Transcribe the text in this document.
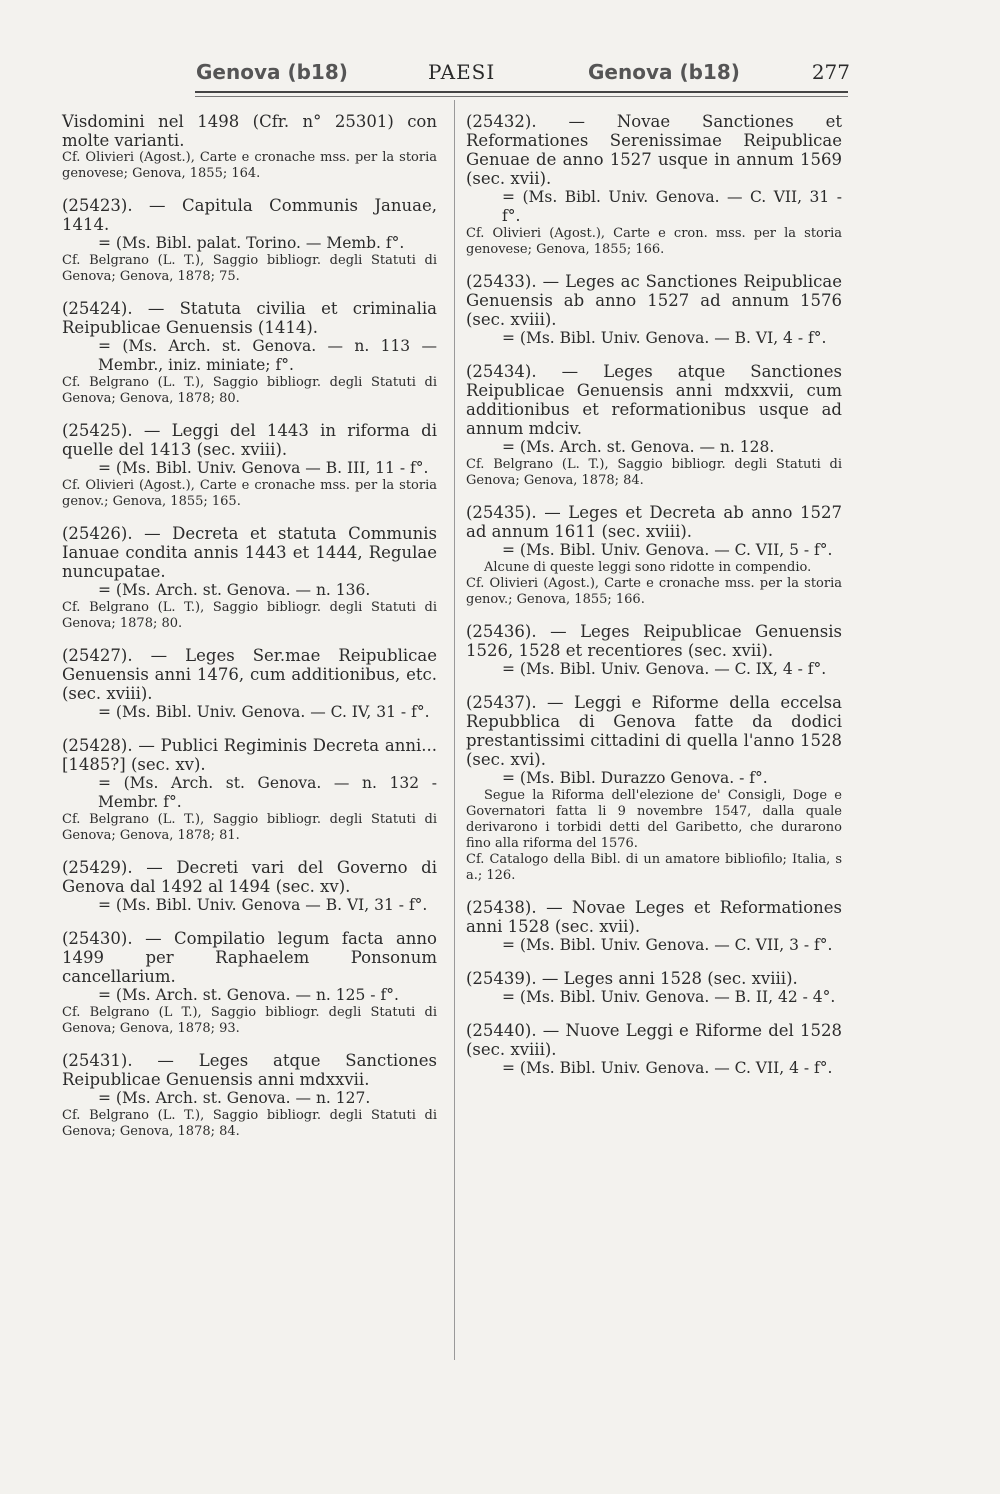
Genova (b18)	PAESI	Genova (b18)	277

Visdomini nel 1498 (Cfr. n° 25301) con molte varianti.

Cf. Olivieri (Agost.), Carte e cronache mss. per la storia genovese; Genova, 1855; 164.

(25423). — Capitula Communis Januae, 1414.

= (Ms. Bibl. palat. Torino. — Memb. f°.

Cf. Belgrano (L. T.), Saggio bibliogr. degli Statuti di Genova; Genova, 1878; 75.

(25424). — Statuta civilia et criminalia Reipublicae Genuensis (1414).

= (Ms. Arch. st. Genova. — n. 113 — Membr., iniz. miniate; f°.

Cf. Belgrano (L. T.), Saggio bibliogr. degli Statuti di Genova; Genova, 1878; 80.

(25425). — Leggi del 1443 in riforma di quelle del 1413 (sec. xviii).

= (Ms. Bibl. Univ. Genova — B. III, 11 - f°.

Cf. Olivieri (Agost.), Carte e cronache mss. per la storia genov.; Genova, 1855; 165.

(25426). — Decreta et statuta Communis Ianuae condita annis 1443 et 1444, Regulae nuncupatae.

= (Ms. Arch. st. Genova. — n. 136.

Cf. Belgrano (L. T.), Saggio bibliogr. degli Statuti di Genova; 1878; 80.

(25427). — Leges Ser.mae Reipublicae Genuensis anni 1476, cum additionibus, etc. (sec. xviii).

= (Ms. Bibl. Univ. Genova. — C. IV, 31 - f°.

(25428). — Publici Regiminis Decreta anni... [1485?] (sec. xv).

= (Ms. Arch. st. Genova. — n. 132 - Membr. f°.

Cf. Belgrano (L. T.), Saggio bibliogr. degli Statuti di Genova; Genova, 1878; 81.

(25429). — Decreti vari del Governo di Genova dal 1492 al 1494 (sec. xv).

= (Ms. Bibl. Univ. Genova — B. VI, 31 - f°.

(25430). — Compilatio legum facta anno 1499 per Raphaelem Ponsonum cancellarium.

= (Ms. Arch. st. Genova. — n. 125 - f°.

Cf. Belgrano (L T.), Saggio bibliogr. degli Statuti di Genova; Genova, 1878; 93.

(25431). — Leges atque Sanctiones Reipublicae Genuensis anni mdxxvii.

= (Ms. Arch. st. Genova. — n. 127.

Cf. Belgrano (L. T.), Saggio bibliogr. degli Statuti di Genova; Genova, 1878; 84.

(25432). — Novae Sanctiones et Reformationes Serenissimae Reipublicae Genuae de anno 1527 usque in annum 1569 (sec. xvii).

= (Ms. Bibl. Univ. Genova. — C. VII, 31 - f°.

Cf. Olivieri (Agost.), Carte e cron. mss. per la storia genovese; Genova, 1855; 166.

(25433). — Leges ac Sanctiones Reipublicae Genuensis ab anno 1527 ad annum 1576 (sec. xviii).

= (Ms. Bibl. Univ. Genova. — B. VI, 4 - f°.

(25434). — Leges atque Sanctiones Reipublicae Genuensis anni mdxxvii, cum additionibus et reformationibus usque ad annum mdciv.

= (Ms. Arch. st. Genova. — n. 128.

Cf. Belgrano (L. T.), Saggio bibliogr. degli Statuti di Genova; Genova, 1878; 84.

(25435). — Leges et Decreta ab anno 1527 ad annum 1611 (sec. xviii).

= (Ms. Bibl. Univ. Genova. — C. VII, 5 - f°.

Alcune di queste leggi sono ridotte in compendio.

Cf. Olivieri (Agost.), Carte e cronache mss. per la storia genov.; Genova, 1855; 166.

(25436). — Leges Reipublicae Genuensis 1526, 1528 et recentiores (sec. xvii).

= (Ms. Bibl. Univ. Genova. — C. IX, 4 - f°.

(25437). — Leggi e Riforme della eccelsa Repubblica di Genova fatte da dodici prestantissimi cittadini di quella l'anno 1528 (sec. xvi).

= (Ms. Bibl. Durazzo Genova. - f°.

Segue la Riforma dell'elezione de' Consigli, Doge e Governatori fatta li 9 novembre 1547, dalla quale derivarono i torbidi detti del Garibetto, che durarono fino alla riforma del 1576.

Cf. Catalogo della Bibl. di un amatore bibliofilo; Italia, s a.; 126.

(25438). — Novae Leges et Reformationes anni 1528 (sec. xvii).

= (Ms. Bibl. Univ. Genova. — C. VII, 3 - f°.

(25439). — Leges anni 1528 (sec. xviii).

= (Ms. Bibl. Univ. Genova. — B. II, 42 - 4°.

(25440). — Nuove Leggi e Riforme del 1528 (sec. xviii).

= (Ms. Bibl. Univ. Genova. — C. VII, 4 - f°.
